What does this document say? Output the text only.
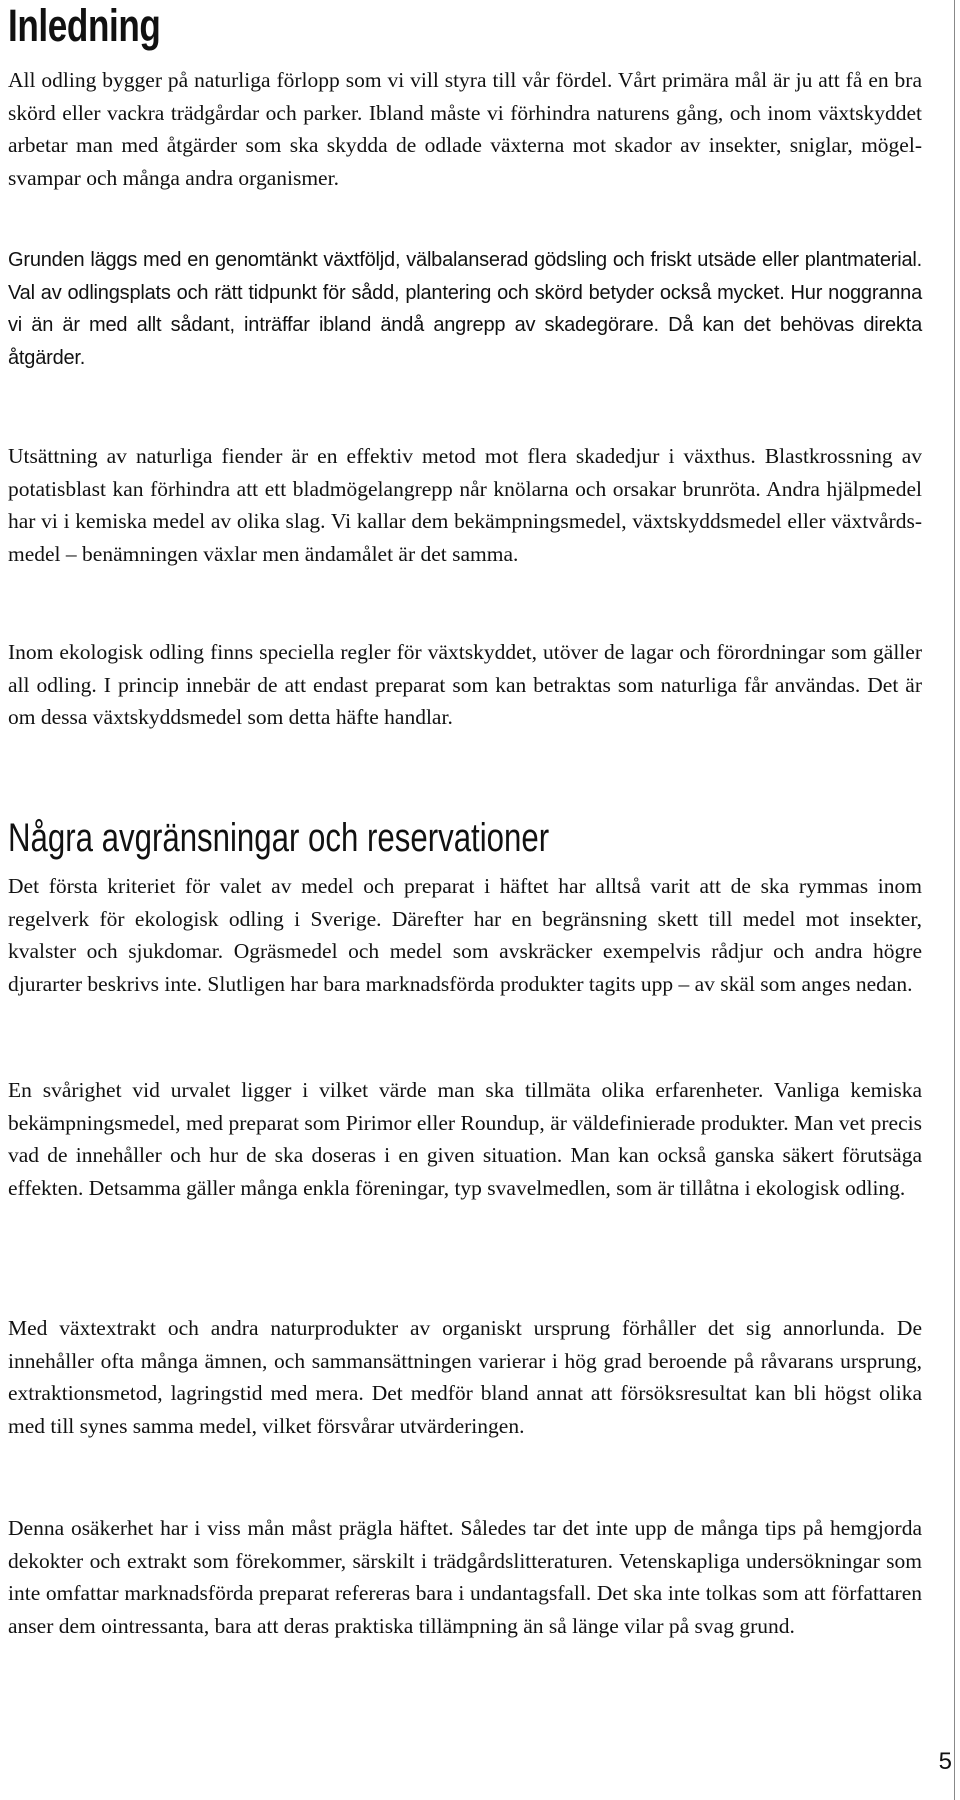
Inledning

All odling bygger på naturliga förlopp som vi vill styra till vår fördel. Vårt primära mål är ju att få en bra skörd eller vackra trädgårdar och parker. Ibland måste vi förhindra naturens gång, och inom växtskyddet arbetar man med åtgärder som ska skydda de odlade växterna mot skador av insekter, sniglar, mögelsvampar och många andra organismer.

Grunden läggs med en genomtänkt växtföljd, välbalanserad gödsling och friskt utsäde eller plantmaterial. Val av odlingsplats och rätt tidpunkt för sådd, plantering och skörd betyder också mycket. Hur noggranna vi än är med allt sådant, inträffar ibland ändå angrepp av skadegörare. Då kan det behövas direkta åtgärder.

Utsättning av naturliga fiender är en effektiv metod mot flera skadedjur i växthus. Blastkrossning av potatisblast kan förhindra att ett bladmögelangrepp når knölarna och orsakar brunröta. Andra hjälpmedel har vi i kemiska medel av olika slag. Vi kallar dem bekämpningsmedel, växtskyddsmedel eller växtvårdsmedel – benämningen växlar men ändamålet är det samma.

Inom ekologisk odling finns speciella regler för växtskyddet, utöver de lagar och förordningar som gäller all odling. I princip innebär de att endast preparat som kan betraktas som naturliga får användas. Det är om dessa växtskyddsmedel som detta häfte handlar.

Några avgränsningar och reservationer

Det första kriteriet för valet av medel och preparat i häftet har alltså varit att de ska rymmas inom regelverk för ekologisk odling i Sverige. Därefter har en begränsning skett till medel mot insekter, kvalster och sjukdomar. Ogräsmedel och medel som avskräcker exempelvis rådjur och andra högre djurarter beskrivs inte. Slutligen har bara marknadsförda produkter tagits upp – av skäl som anges nedan.

En svårighet vid urvalet ligger i vilket värde man ska tillmäta olika erfarenheter. Vanliga kemiska bekämpningsmedel, med preparat som Pirimor eller Roundup, är väldefinierade produkter. Man vet precis vad de innehåller och hur de ska doseras i en given situation. Man kan också ganska säkert förutsäga effekten. Detsamma gäller många enkla föreningar, typ svavelmedlen, som är tillåtna i ekologisk odling.

Med växtextrakt och andra naturprodukter av organiskt ursprung förhåller det sig annorlunda. De innehåller ofta många ämnen, och sammansättningen varierar i hög grad beroende på råvarans ursprung, extraktionsmetod, lagringstid med mera. Det medför bland annat att försöksresultat kan bli högst olika med till synes samma medel, vilket försvårar utvärderingen.

Denna osäkerhet har i viss mån måst prägla häftet. Således tar det inte upp de många tips på hemgjorda dekokter och extrakt som förekommer, särskilt i trädgårdslitteraturen. Vetenskapliga undersökningar som inte omfattar marknadsförda preparat refereras bara i undantagsfall. Det ska inte tolkas som att författaren anser dem ointressanta, bara att deras praktiska tillämpning än så länge vilar på svag grund.

5
